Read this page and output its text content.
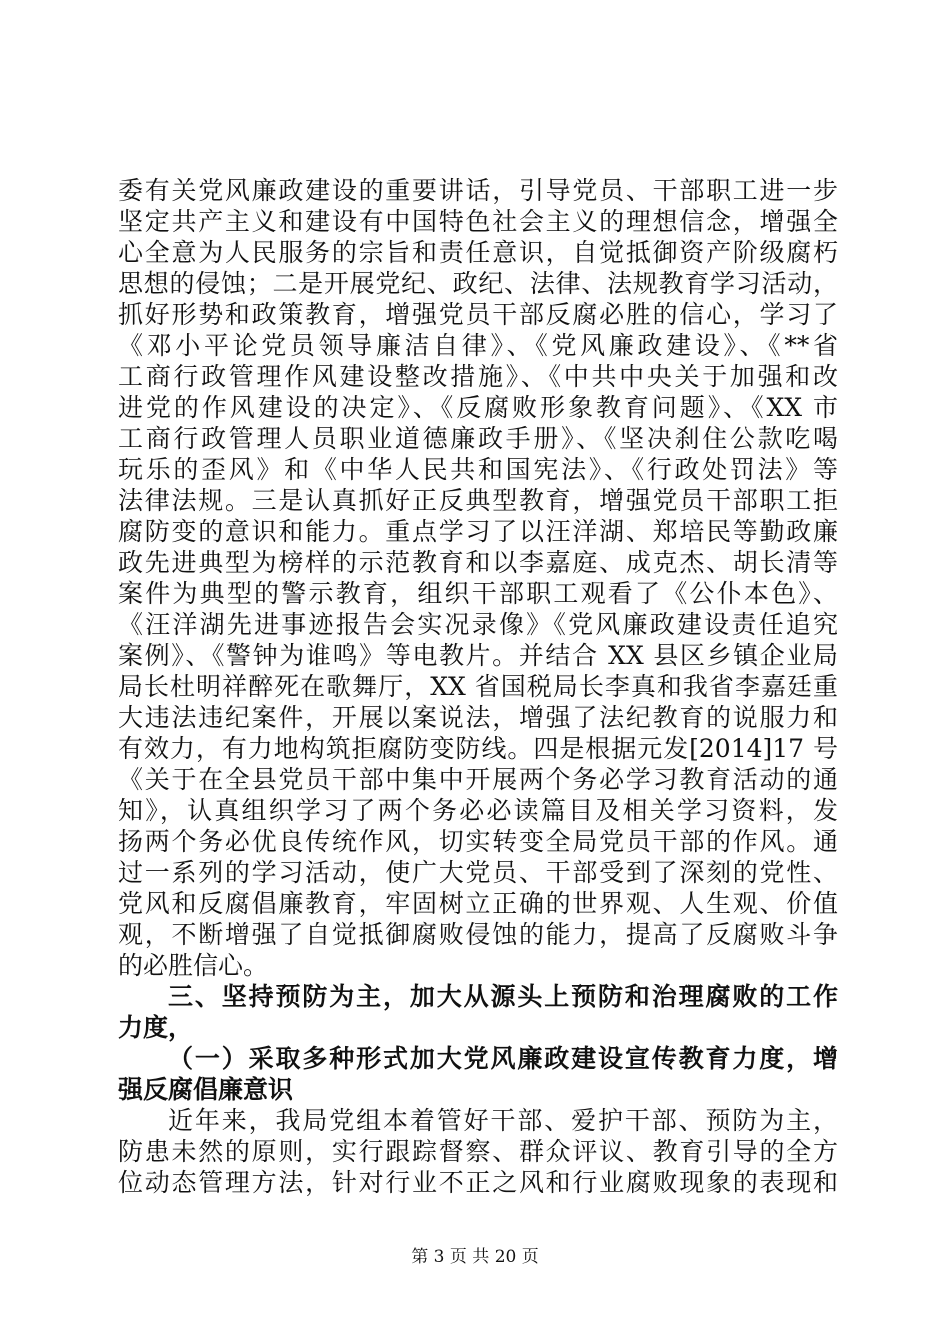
委有关党风廉政建设的重要讲话，引导党员、干部职工进一步
坚定共产主义和建设有中国特色社会主义的理想信念，增强全
心全意为人民服务的宗旨和责任意识，自觉抵御资产阶级腐朽
思想的侵蚀；二是开展党纪、政纪、法律、法规教育学习活动，
抓好形势和政策教育，增强党员干部反腐必胜的信心，学习了
《邓小平论党员领导廉洁自律》、《党风廉政建设》、《**省
工商行政管理作风建设整改措施》、《中共中央关于加强和改
进党的作风建设的决定》、《反腐败形象教育问题》、《XX 市
工商行政管理人员职业道德廉政手册》、《坚决刹住公款吃喝
玩乐的歪风》和《中华人民共和国宪法》、《行政处罚法》等
法律法规。三是认真抓好正反典型教育，增强党员干部职工拒
腐防变的意识和能力。重点学习了以汪洋湖、郑培民等勤政廉
政先进典型为榜样的示范教育和以李嘉庭、成克杰、胡长清等
案件为典型的警示教育，组织干部职工观看了《公仆本色》、
《汪洋湖先进事迹报告会实况录像》《党风廉政建设责任追究
案例》、《警钟为谁鸣》等电教片。并结合 XX 县区乡镇企业局
局长杜明祥醉死在歌舞厅，XX 省国税局长李真和我省李嘉廷重
大违法违纪案件，开展以案说法，增强了法纪教育的说服力和
有效力，有力地构筑拒腐防变防线。四是根据元发[2014]17 号
《关于在全县党员干部中集中开展两个务必学习教育活动的通
知》，认真组织学习了两个务必必读篇目及相关学习资料，发
扬两个务必优良传统作风，切实转变全局党员干部的作风。通
过一系列的学习活动，使广大党员、干部受到了深刻的党性、
党风和反腐倡廉教育，牢固树立正确的世界观、人生观、价值
观，不断增强了自觉抵御腐败侵蚀的能力，提高了反腐败斗争
的必胜信心。
三、坚持预防为主，加大从源头上预防和治理腐败的工作
力度，
（一）采取多种形式加大党风廉政建设宣传教育力度，增
强反腐倡廉意识
近年来，我局党组本着管好干部、爱护干部、预防为主，
防患未然的原则，实行跟踪督察、群众评议、教育引导的全方
位动态管理方法，针对行业不正之风和行业腐败现象的表现和
第 3 页 共 20 页
